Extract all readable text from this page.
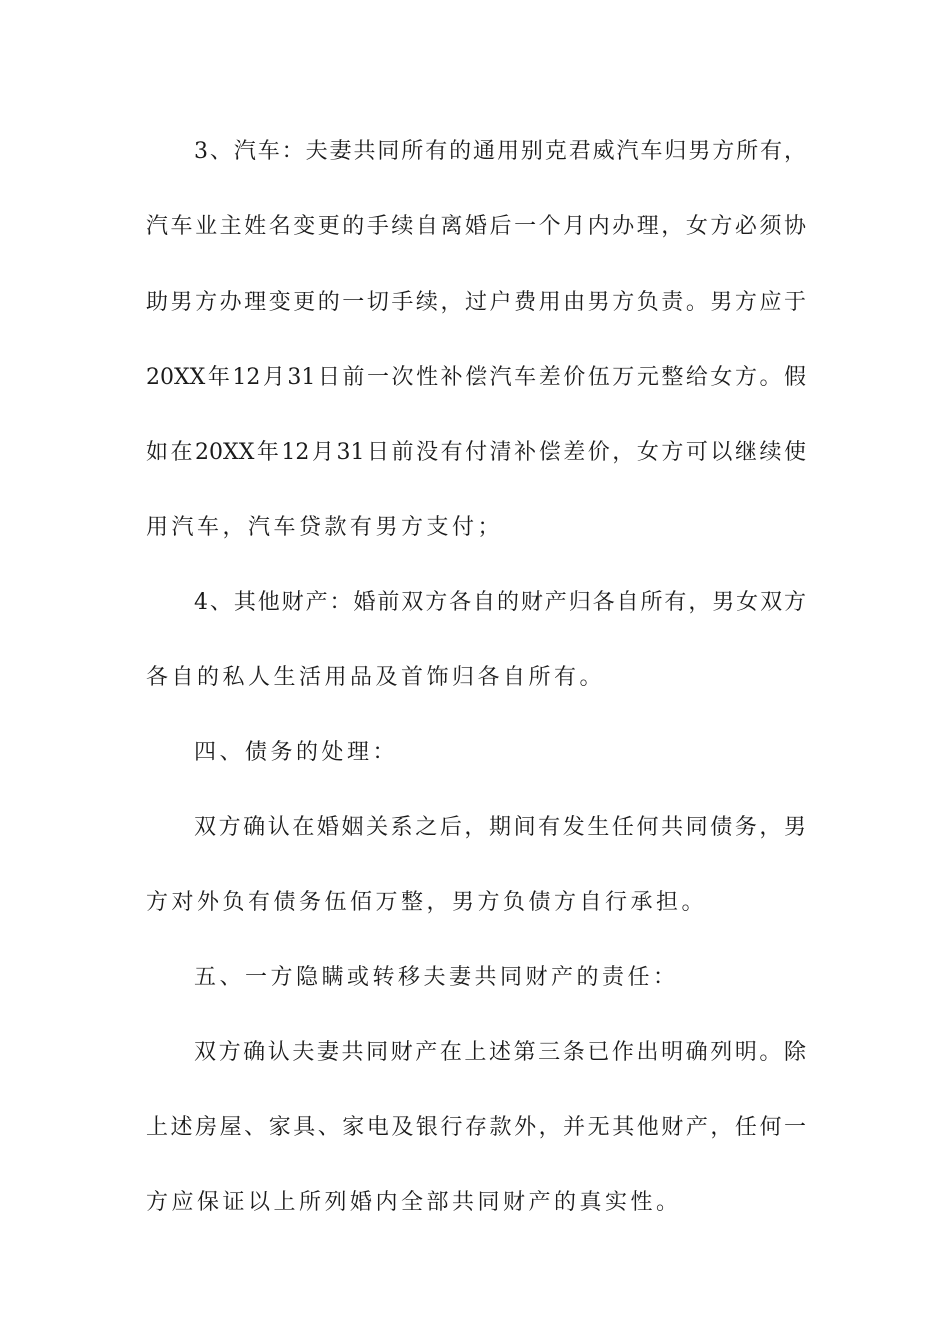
3、汽车：夫妻共同所有的通用别克君威汽车归男方所有，
汽车业主姓名变更的手续自离婚后一个月内办理，女方必须协
助男方办理变更的一切手续，过户费用由男方负责。男方应于
20XX年12月31日前一次性补偿汽车差价伍万元整给女方。假
如在20XX年12月31日前没有付清补偿差价，女方可以继续使
用汽车，汽车贷款有男方支付；
4、其他财产：婚前双方各自的财产归各自所有，男女双方
各自的私人生活用品及首饰归各自所有。
四、债务的处理：
双方确认在婚姻关系之后，期间有发生任何共同债务，男
方对外负有债务伍佰万整，男方负债方自行承担。
五、一方隐瞒或转移夫妻共同财产的责任：
双方确认夫妻共同财产在上述第三条已作出明确列明。除
上述房屋、家具、家电及银行存款外，并无其他财产，任何一
方应保证以上所列婚内全部共同财产的真实性。
